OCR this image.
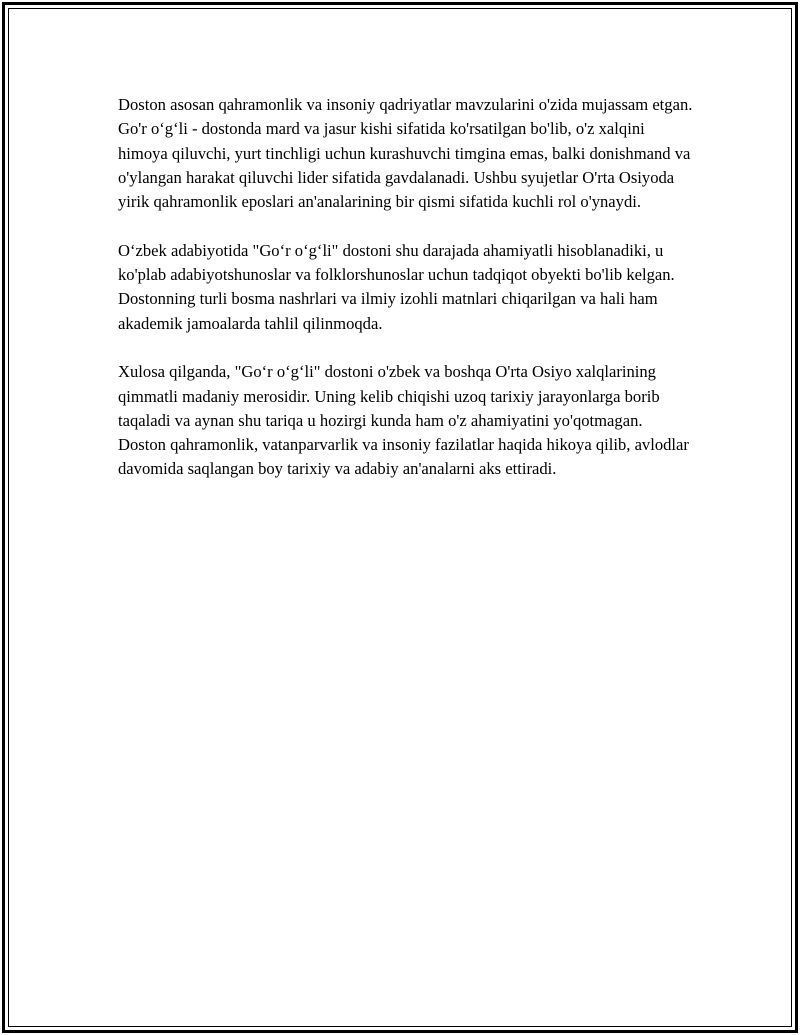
Doston asosan qahramonlik va insoniy qadriyatlar mavzularini o'zida mujassam etgan. Go'r o‘g‘li - dostonda mard va jasur kishi sifatida ko'rsatilgan bo'lib, o'z xalqini himoya qiluvchi, yurt tinchligi uchun kurashuvchi timgina emas, balki donishmand va o'ylangan harakat qiluvchi lider sifatida gavdalanadi. Ushbu syujetlar O'rta Osiyoda yirik qahramonlik eposlari an'analarining bir qismi sifatida kuchli rol o'ynaydi.

O‘zbek adabiyotida "Go‘r o‘g‘li" dostoni shu darajada ahamiyatli hisoblanadiki, u ko'plab adabiyotshunoslar va folklorshunoslar uchun tadqiqot obyekti bo'lib kelgan. Dostonning turli bosma nashrlari va ilmiy izohli matnlari chiqarilgan va hali ham akademik jamoalarda tahlil qilinmoqda.

Xulosa qilganda, "Go‘r o‘g‘li" dostoni o'zbek va boshqa O'rta Osiyo xalqlarining qimmatli madaniy merosidir. Uning kelib chiqishi uzoq tarixiy jarayonlarga borib taqaladi va aynan shu tariqa u hozirgi kunda ham o'z ahamiyatini yo'qotmagan. Doston qahramonlik, vatanparvarlik va insoniy fazilatlar haqida hikoya qilib, avlodlar davomida saqlangan boy tarixiy va adabiy an'analarni aks ettiradi.
